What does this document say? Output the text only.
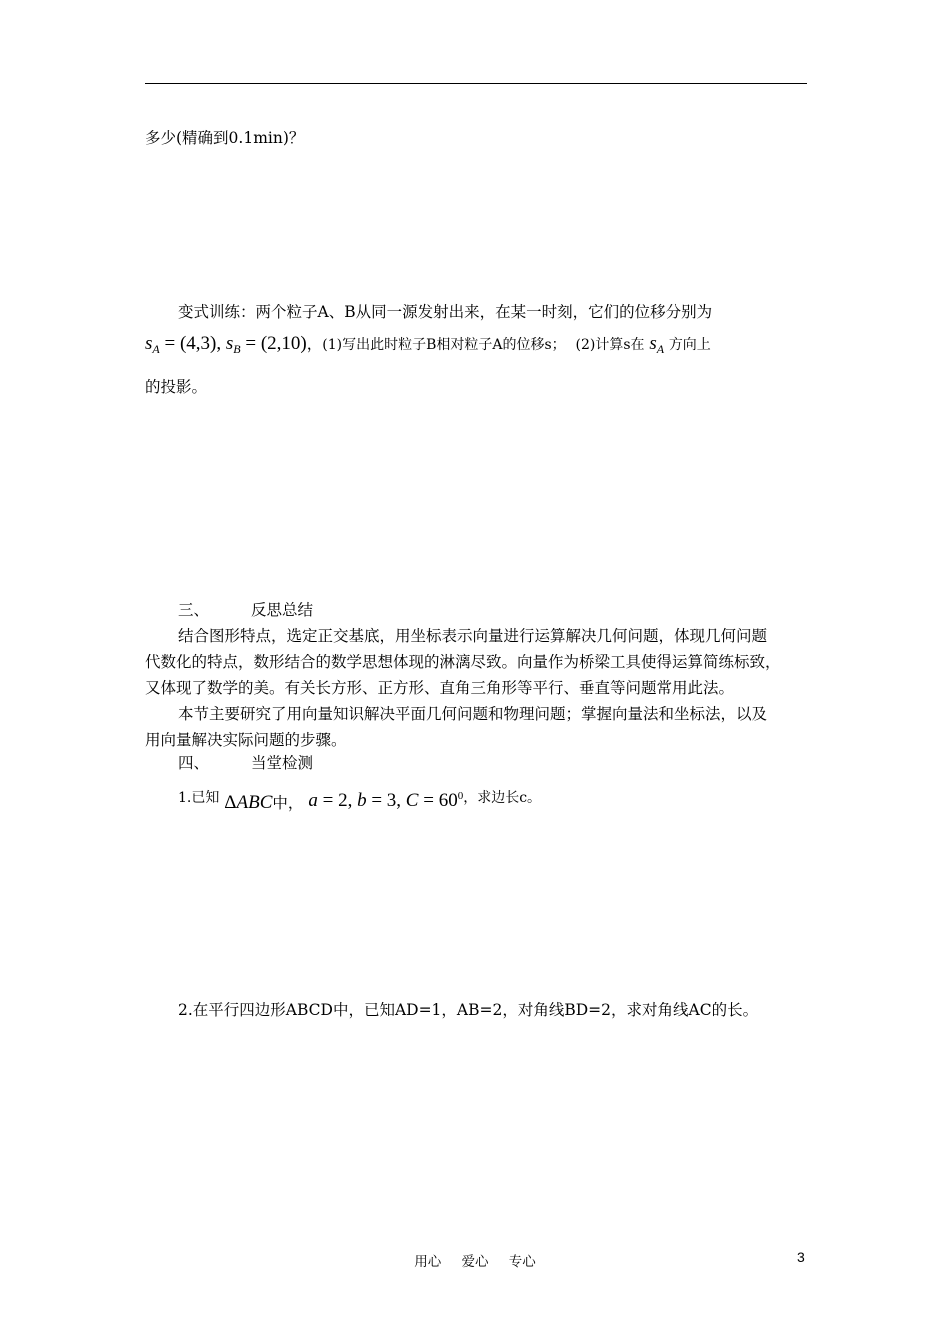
多少(精确到0.1min)？
变式训练：两个粒子A、B从同一源发射出来，在某一时刻，它们的位移分别为
$s_A = (4,3)$, $s_B = (2,10)$，(1)写出此时粒子B相对粒子A的位移s； (2)计算s在 $s_A$ 方向上
的投影。
三、	反思总结
结合图形特点，选定正交基底，用坐标表示向量进行运算解决几何问题，体现几何问题
代数化的特点，数形结合的数学思想体现的淋漓尽致。向量作为桥梁工具使得运算简练标致，
又体现了数学的美。有关长方形、正方形、直角三角形等平行、垂直等问题常用此法。
本节主要研究了用向量知识解决平面几何问题和物理问题；掌握向量法和坐标法，以及
用向量解决实际问题的步骤。
四、	当堂检测
1.已知 ΔABC中， a = 2, b = 3, $C = 60^0$，求边长c。
2.在平行四边形ABCD中，已知AD=1，AB=2，对角线BD=2，求对角线AC的长。
用心 爱心 专心	3
